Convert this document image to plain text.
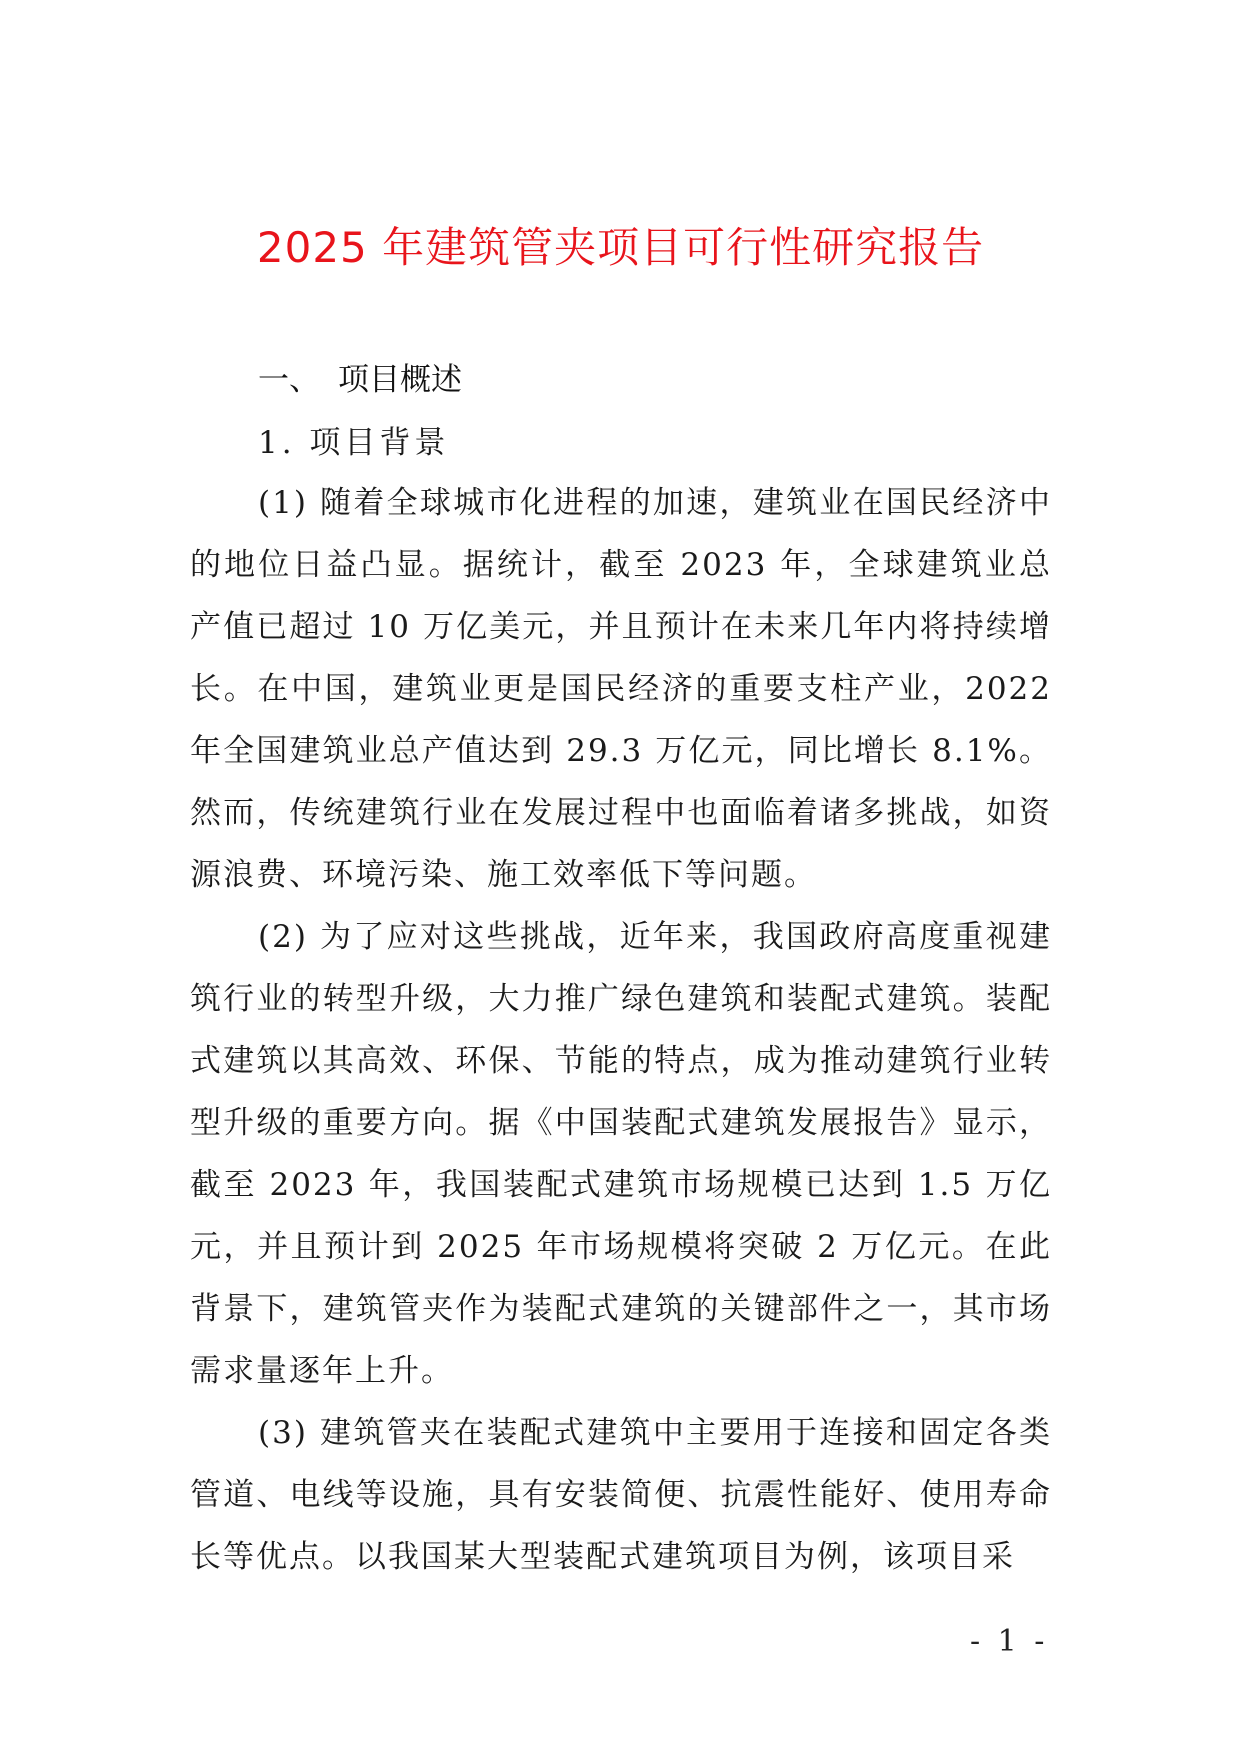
2025 年建筑管夹项目可行性研究报告
一、 项目概述
1. 项目背景

(1) 随着全球城市化进程的加速，建筑业在国民经济中的地位日益凸显。据统计，截至 2023 年，全球建筑业总产值已超过 10 万亿美元，并且预计在未来几年内将持续增长。在中国，建筑业更是国民经济的重要支柱产业，2022 年全国建筑业总产值达到 29.3 万亿元，同比增长 8.1%。然而，传统建筑行业在发展过程中也面临着诸多挑战，如资源浪费、环境污染、施工效率低下等问题。

(2) 为了应对这些挑战，近年来，我国政府高度重视建筑行业的转型升级，大力推广绿色建筑和装配式建筑。装配式建筑以其高效、环保、节能的特点，成为推动建筑行业转型升级的重要方向。据《中国装配式建筑发展报告》显示，截至 2023 年，我国装配式建筑市场规模已达到 1.5 万亿元，并且预计到 2025 年市场规模将突破 2 万亿元。在此背景下，建筑管夹作为装配式建筑的关键部件之一，其市场需求量逐年上升。

(3) 建筑管夹在装配式建筑中主要用于连接和固定各类管道、电线等设施，具有安装简便、抗震性能好、使用寿命长等优点。以我国某大型装配式建筑项目为例，该项目采

- 1 -
